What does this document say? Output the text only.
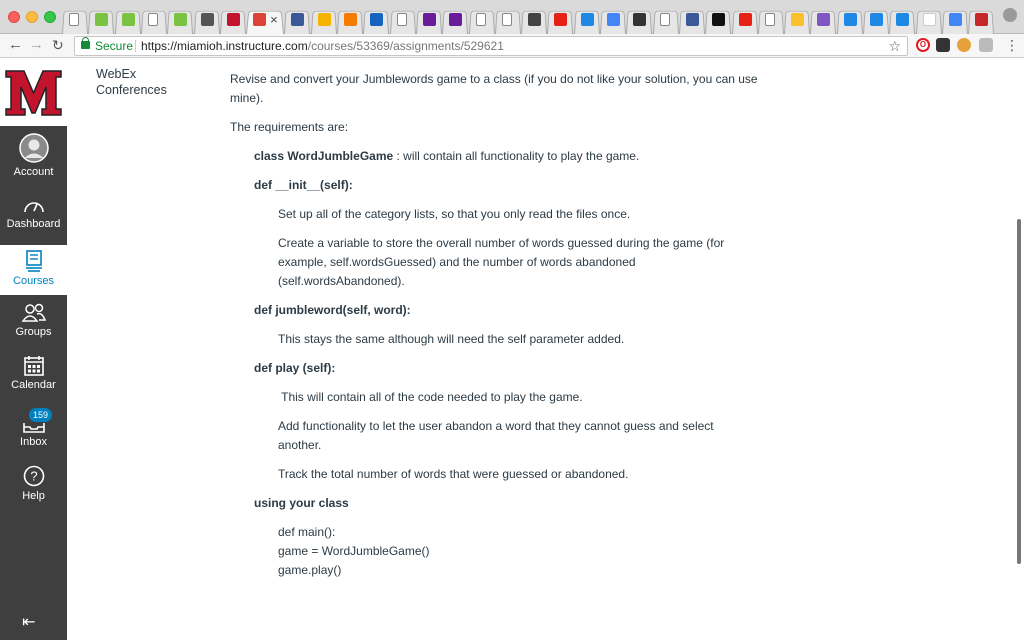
×
← → ↻	Secure https://miamioh.instructure.com/courses/53369/assignments/529621	☆	O	⋮
Account
Dashboard
Courses
Groups
Calendar
Inbox
159
?
Help
⇤
WebEx Conferences

Revise and convert your Jumblewords game to a class (if you do not like your solution, you can use mine).

The requirements are:

class WordJumbleGame : will contain all functionality to play the game.

def __init__(self):

Set up all of the category lists, so that you only read the files once.

Create a variable to store the overall number of words guessed during the game (for example, self.wordsGuessed) and the number of words abandoned (self.wordsAbandoned).

def jumbleword(self, word):

This stays the same although will need the self parameter added.

def play (self):

This will contain all of the code needed to play the game.

Add functionality to let the user abandon a word that they cannot guess and select another.

Track the total number of words that were guessed or abandoned.

using your class

def main():

game = WordJumbleGame()

game.play()
